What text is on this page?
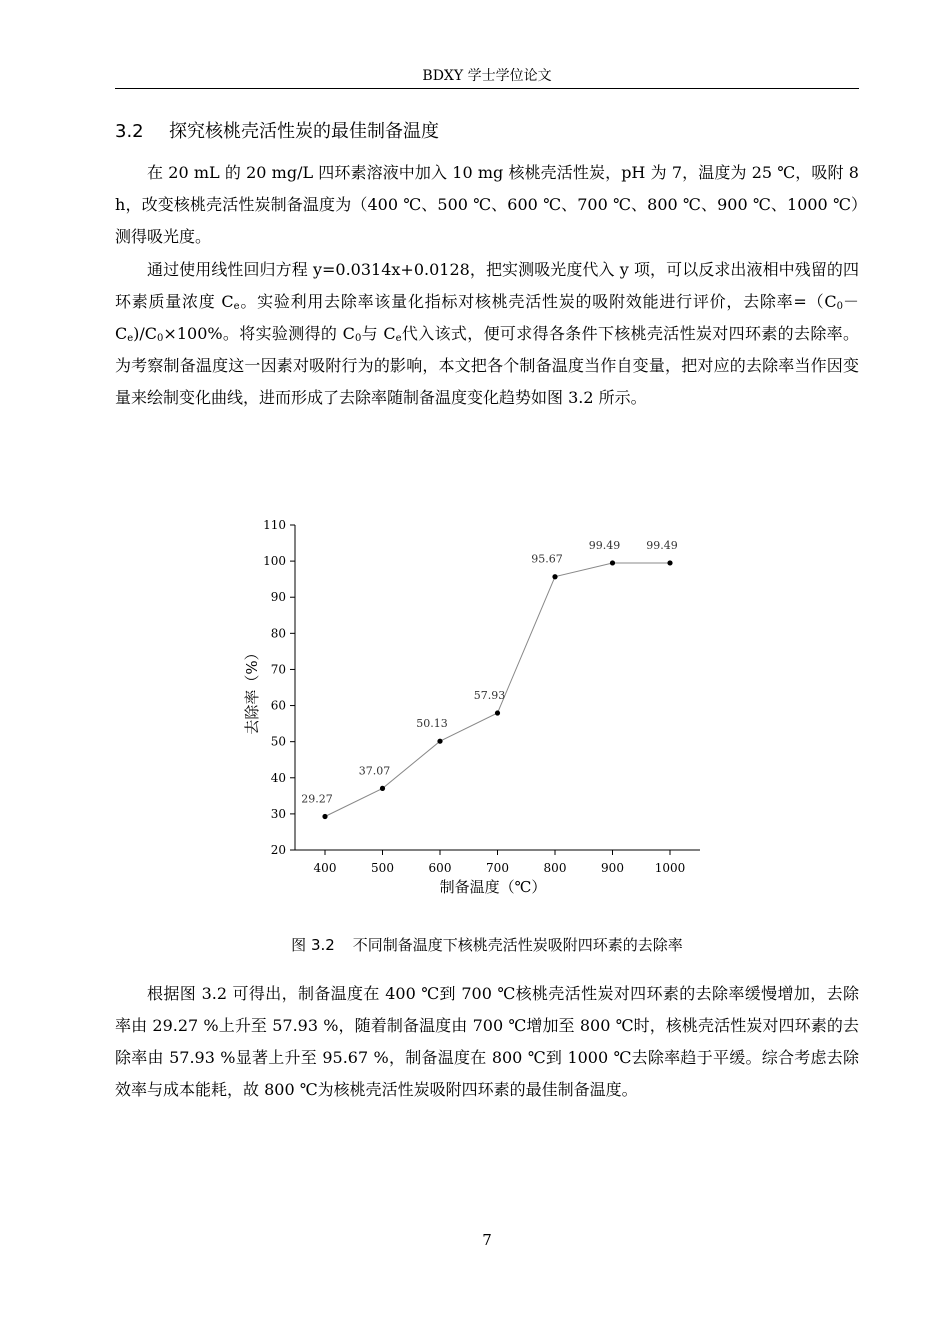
BDXY 学士学位论文
3.2 探究核桃壳活性炭的最佳制备温度

在 20 mL 的 20 mg/L 四环素溶液中加入 10 mg 核桃壳活性炭，pH 为 7，温度为 25 ℃，吸附 8 h，改变核桃壳活性炭制备温度为（400 ℃、500 ℃、600 ℃、700 ℃、800 ℃、900 ℃、1000 ℃）测得吸光度。

通过使用线性回归方程 y=0.0314x+0.0128，把实测吸光度代入 y 项，可以反求出液相中残留的四环素质量浓度 $C_e$。实验利用去除率该量化指标对核桃壳活性炭的吸附效能进行评价，去除率$=(C_0-C_e)/C_0\times 100\%$。将实验测得的 $C_0$与 $C_e$代入该式，便可求得各条件下核桃壳活性炭对四环素的去除率。为考察制备温度这一因素对吸附行为的影响，本文把各个制备温度当作自变量，把对应的去除率当作因变量来绘制变化曲线，进而形成了去除率随制备温度变化趋势如图 3.2 所示。

20
30
40
50
60
70
80
90
100
110
400	500	600	700	800	900	1000
29.27
37.07
50.13
57.93
95.67
99.49 99.49
去除率（%）
制备温度（℃）
图 3.2 不同制备温度下核桃壳活性炭吸附四环素的去除率

根据图 3.2 可得出，制备温度在 400 ℃到 700 ℃核桃壳活性炭对四环素的去除率缓慢增加，去除率由 29.27 %上升至 57.93 %，随着制备温度由 700 ℃增加至 800 ℃时，核桃壳活性炭对四环素的去除率由 57.93 %显著上升至 95.67 %，制备温度在 800 ℃到 1000 ℃去除率趋于平缓。综合考虑去除效率与成本能耗，故 800 ℃为核桃壳活性炭吸附四环素的最佳制备温度。

7
